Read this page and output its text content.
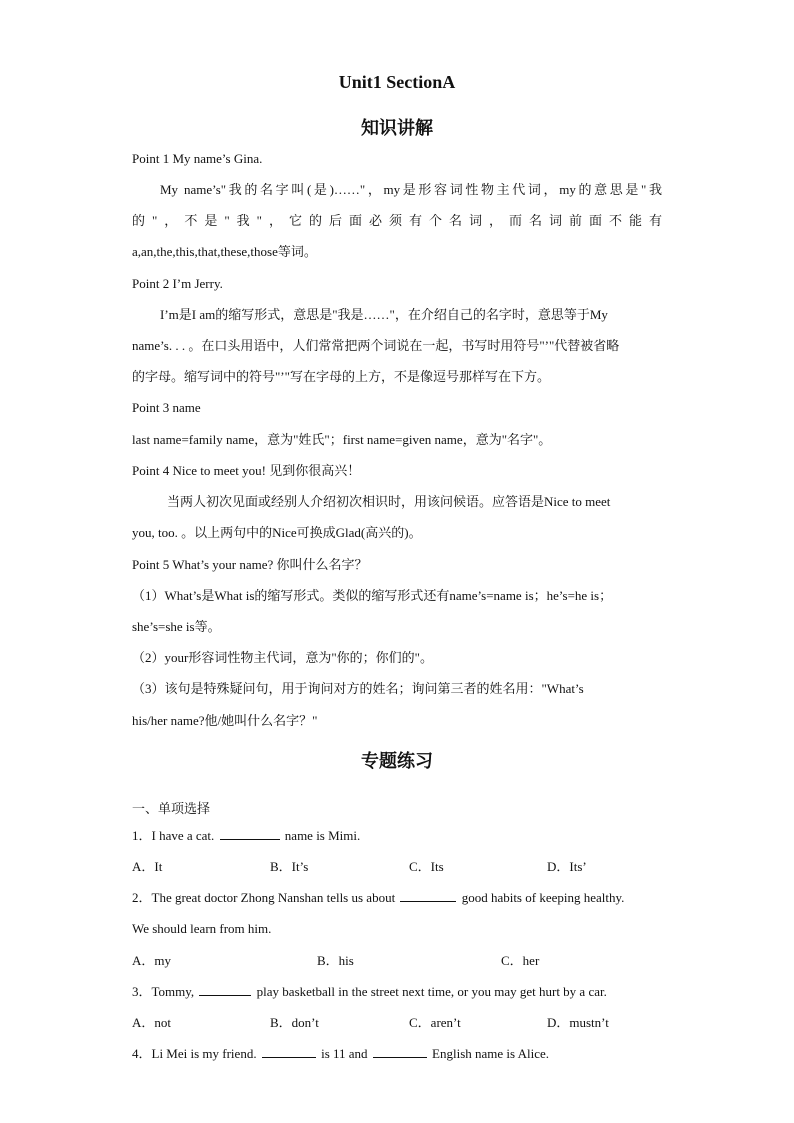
Unit1 SectionA
知识讲解
Point 1 My name’s Gina.
My name’s"我的名字叫(是)……"，my是形容词性物主代词，my的意思是"我
的"，不是"我"，它的后面必须有个名词，而名词前面不能有
a,an,the,this,that,these,those等词。
Point 2 I’m Jerry.
I’m是I am的缩写形式，意思是"我是……"，在介绍自己的名字时，意思等于My
name’s. . . 。在口头用语中，人们常常把两个词说在一起，书写时用符号"’"代替被省略
的字母。缩写词中的符号"’"写在字母的上方，不是像逗号那样写在下方。
Point 3 name
last name=family name，意为"姓氏"；first name=given name，意为"名字"。
Point 4 Nice to meet you! 见到你很高兴！
当两人初次见面或经别人介绍初次相识时，用该问候语。应答语是Nice to meet
you, too. 。以上两句中的Nice可换成Glad(高兴的)。
Point 5 What’s your name? 你叫什么名字？
（1）What’s是What is的缩写形式。类似的缩写形式还有name’s=name is；he’s=he is；
she’s=she is等。
（2）your形容词性物主代词，意为"你的；你们的"。
（3）该句是特殊疑问句，用于询问对方的姓名；询问第三者的姓名用："What’s
his/her name?他/她叫什么名字？"
专题练习
一、单项选择
1．I have a cat.	name is Mimi.
A．It	B．It’s	C．Its	D．Its’
2．The great doctor Zhong Nanshan tells us about	good habits of keeping healthy.
We should learn from him.
A．my	B．his	C．her
3．Tommy,	play basketball in the street next time, or you may get hurt by a car.
A．not	B．don’t	C．aren’t	D．mustn’t
4．Li Mei is my friend.	is 11 and	English name is Alice.
